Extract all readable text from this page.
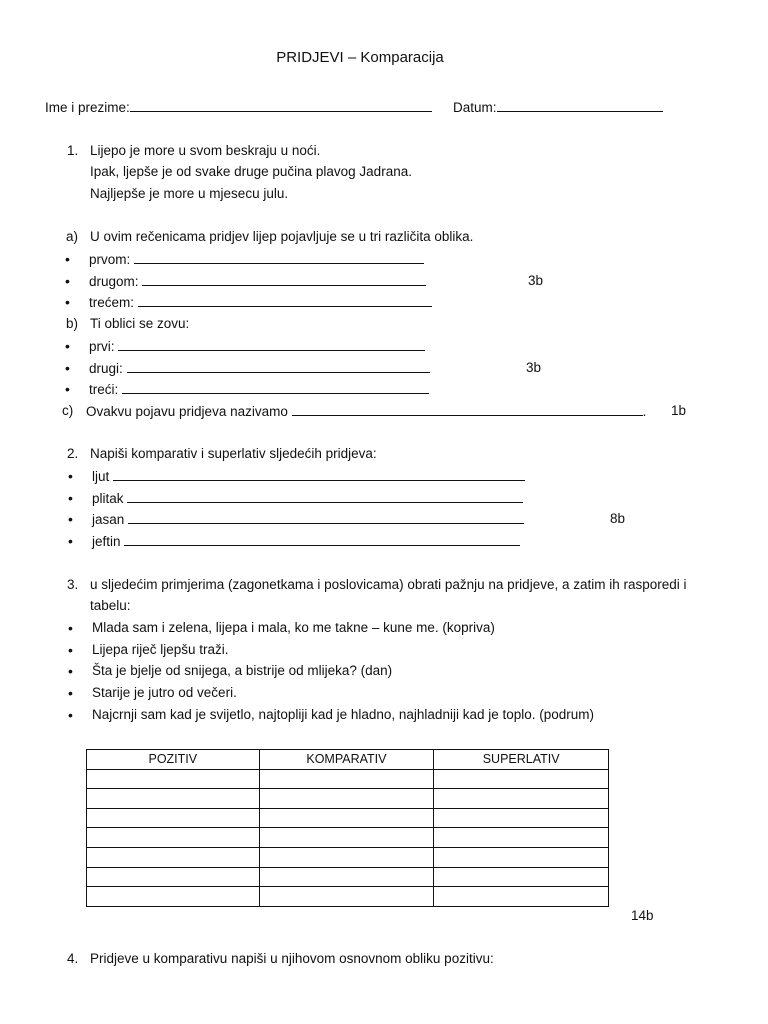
PRIDJEVI – Komparacija
Ime i prezime:	Datum:
1. Lijepo je more u svom beskraju u noći.
Ipak, ljepše je od svake druge pučina plavog Jadrana.
Najljepše je more u mjesecu julu.
a) U ovim rečenicama pridjev lijep pojavljuje se u tri različita oblika.
• prvom:
• drugom:
• trećem:
3b
b) Ti oblici se zovu:
• prvi:
• drugi:
• treći:
3b
c) Ovakvu pojavu pridjeva nazivamo	. 1b
2. Napiši komparativ i superlativ sljedećih pridjeva:
• ljut
• plitak
• jasan
• jeftin
8b
3. u sljedećim primjerima (zagonetkama i poslovicama) obrati pažnju na pridjeve, a zatim ih rasporedi i
tabelu:
• Mlada sam i zelena, lijepa i mala, ko me takne – kune me. (kopriva)
• Lijepa riječ ljepšu traži.
• Šta je bjelje od snijega, a bistrije od mlijeka? (dan)
• Starije je jutro od večeri.
• Najcrnji sam kad je svijetlo, najtopliji kad je hladno, najhladniji kad je toplo. (podrum)
POZITIV	KOMPARATIV	SUPERLATIV

14b
4. Pridjeve u komparativu napiši u njihovom osnovnom obliku pozitivu:
